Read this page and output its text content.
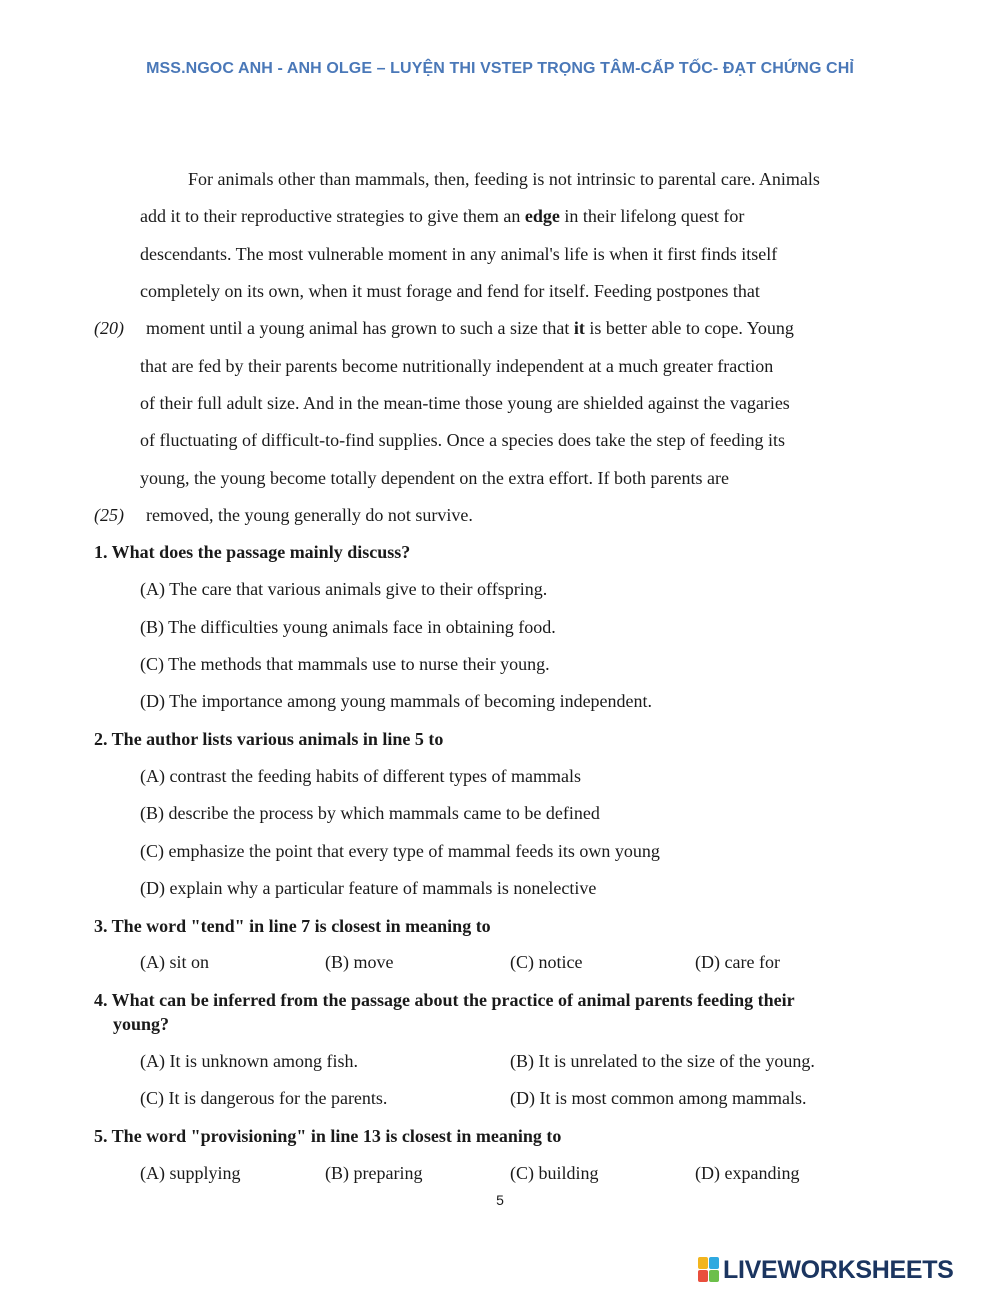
MSS.NGOC ANH - ANH OLGE – LUYỆN THI VSTEP TRỌNG TÂM-CẤP TỐC- ĐẠT CHỨNG CHỈ
For animals other than mammals, then, feeding is not intrinsic to parental care. Animals
add it to their reproductive strategies to give them an edge in their lifelong quest for
descendants. The most vulnerable moment in any animal's life is when it first finds itself
completely on its own, when it must forage and fend for itself. Feeding postpones that
(20) moment until a young animal has grown to such a size that it is better able to cope. Young
that are fed by their parents become nutritionally independent at a much greater fraction
of their full adult size. And in the mean-time those young are shielded against the vagaries
of fluctuating of difficult-to-find supplies. Once a species does take the step of feeding its
young, the young become totally dependent on the extra effort. If both parents are
(25) removed, the young generally do not survive.
1. What does the passage mainly discuss?
(A) The care that various animals give to their offspring.
(B) The difficulties young animals face in obtaining food.
(C) The methods that mammals use to nurse their young.
(D) The importance among young mammals of becoming independent.
2. The author lists various animals in line 5 to
(A) contrast the feeding habits of different types of mammals
(B) describe the process by which mammals came to be defined
(C) emphasize the point that every type of mammal feeds its own young
(D) explain why a particular feature of mammals is nonelective
3. The word "tend" in line 7 is closest in meaning to
(A) sit on	(B) move	(C) notice	(D) care for
4. What can be inferred from the passage about the practice of animal parents feeding their
young?
(A) It is unknown among fish.	(B) It is unrelated to the size of the young.
(C) It is dangerous for the parents.	(D) It is most common among mammals.
5. The word "provisioning" in line 13 is closest in meaning to
(A) supplying	(B) preparing	(C) building	(D) expanding
5
LIVEWORKSHEETS
